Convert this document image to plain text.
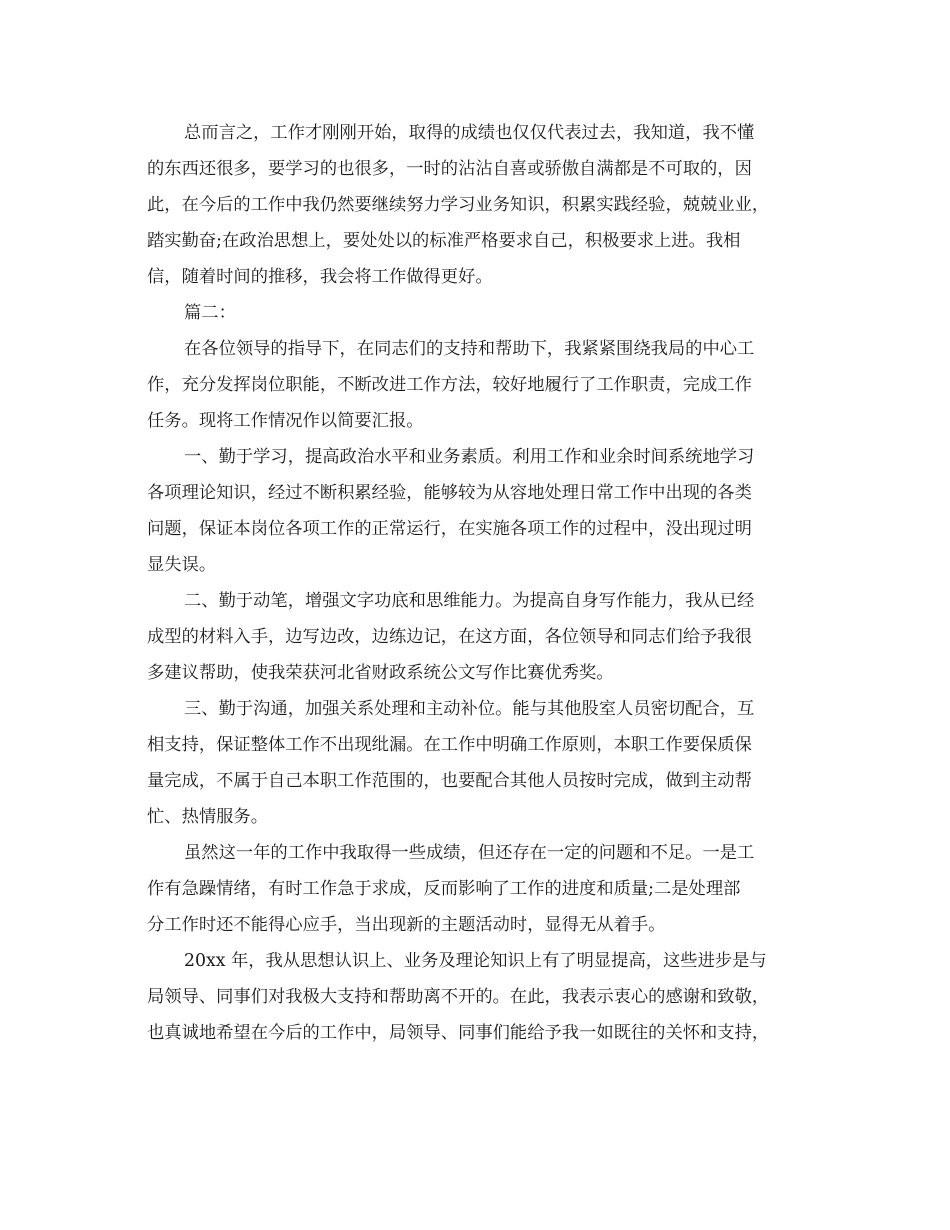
总而言之，工作才刚刚开始，取得的成绩也仅仅代表过去，我知道，我不懂

的东西还很多，要学习的也很多，一时的沾沾自喜或骄傲自满都是不可取的，因

此，在今后的工作中我仍然要继续努力学习业务知识，积累实践经验，兢兢业业，

踏实勤奋;在政治思想上，要处处以的标准严格要求自己，积极要求上进。我相

信，随着时间的推移，我会将工作做得更好。

篇二：

在各位领导的指导下，在同志们的支持和帮助下，我紧紧围绕我局的中心工

作，充分发挥岗位职能，不断改进工作方法，较好地履行了工作职责，完成工作

任务。现将工作情况作以简要汇报。

一、勤于学习，提高政治水平和业务素质。利用工作和业余时间系统地学习

各项理论知识，经过不断积累经验，能够较为从容地处理日常工作中出现的各类

问题，保证本岗位各项工作的正常运行，在实施各项工作的过程中，没出现过明

显失误。

二、勤于动笔，增强文字功底和思维能力。为提高自身写作能力，我从已经

成型的材料入手，边写边改，边练边记，在这方面，各位领导和同志们给予我很

多建议帮助，使我荣获河北省财政系统公文写作比赛优秀奖。

三、勤于沟通，加强关系处理和主动补位。能与其他股室人员密切配合，互

相支持，保证整体工作不出现纰漏。在工作中明确工作原则，本职工作要保质保

量完成，不属于自己本职工作范围的，也要配合其他人员按时完成，做到主动帮

忙、热情服务。

虽然这一年的工作中我取得一些成绩，但还存在一定的问题和不足。一是工

作有急躁情绪，有时工作急于求成，反而影响了工作的进度和质量;二是处理部

分工作时还不能得心应手，当出现新的主题活动时，显得无从着手。

20xx 年，我从思想认识上、业务及理论知识上有了明显提高，这些进步是与

局领导、同事们对我极大支持和帮助离不开的。在此，我表示衷心的感谢和致敬，

也真诚地希望在今后的工作中，局领导、同事们能给予我一如既往的关怀和支持，
